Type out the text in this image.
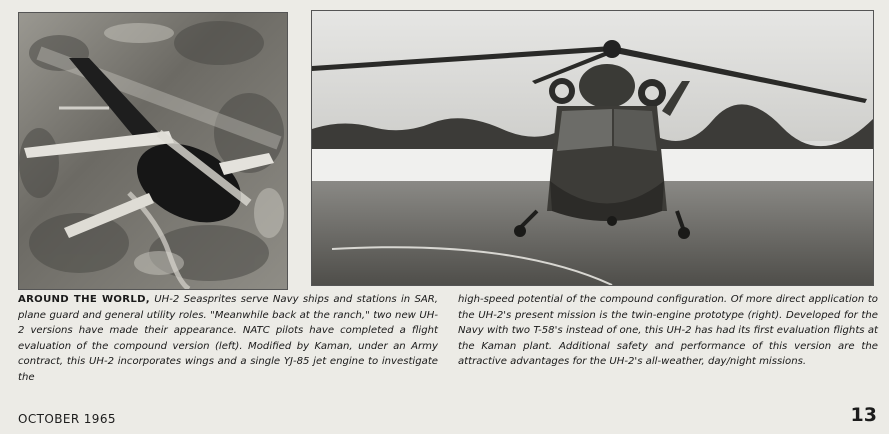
AROUND THE WORLD, UH-2 Seasprites serve Navy ships and stations in SAR, plane guard and general utility roles. "Meanwhile back at the ranch," two new UH-2 versions have made their appearance. NATC pilots have completed a flight evaluation of the compound version (left). Modified by Kaman, under an Army contract, this UH-2 incorporates wings and a single YJ-85 jet engine to investigate the
high-speed potential of the compound configuration. Of more direct application to the UH-2's present mission is the twin-engine prototype (right). Developed for the Navy with two T-58's instead of one, this UH-2 has had its first evaluation flights at the Kaman plant. Additional safety and performance of this version are the attractive advantages for the UH-2's all-weather, day/night missions.
OCTOBER 1965	13
